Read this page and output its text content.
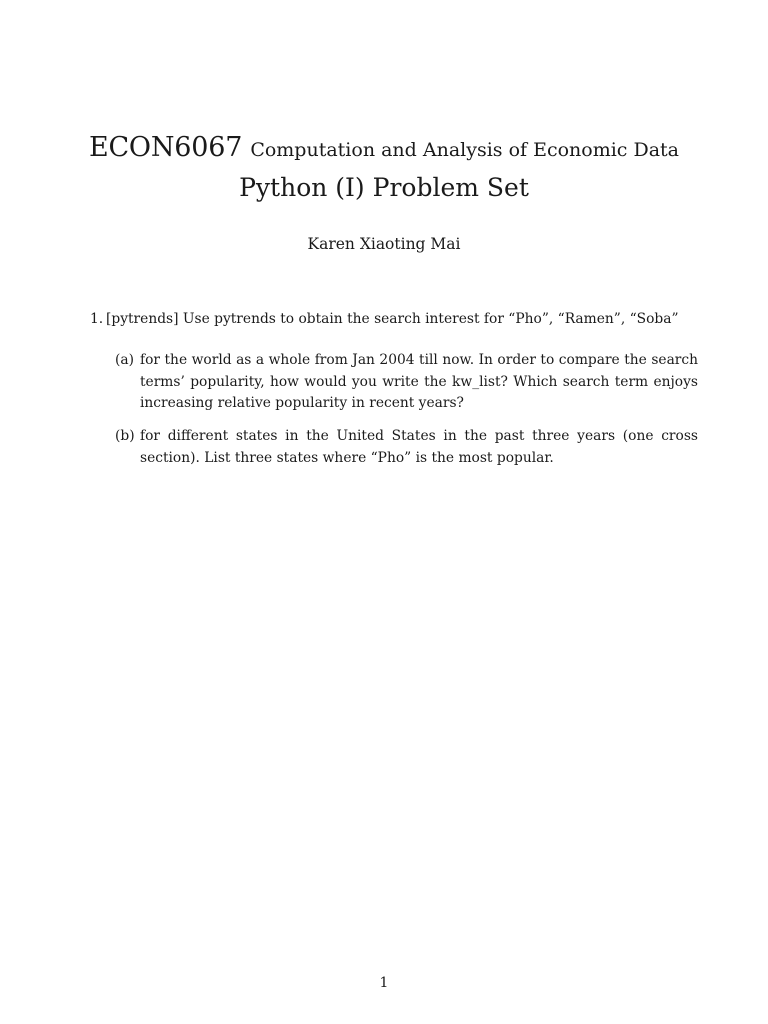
ECON6067 Computation and Analysis of Economic Data
Python (I) Problem Set
Karen Xiaoting Mai
1. [pytrends] Use pytrends to obtain the search interest for “Pho”, “Ramen”, “Soba”
(a) for the world as a whole from Jan 2004 till now. In order to compare the search terms’ popularity, how would you write the kw_list? Which search term enjoys increasing relative popularity in recent years?
(b) for different states in the United States in the past three years (one cross section). List three states where “Pho” is the most popular.
1
